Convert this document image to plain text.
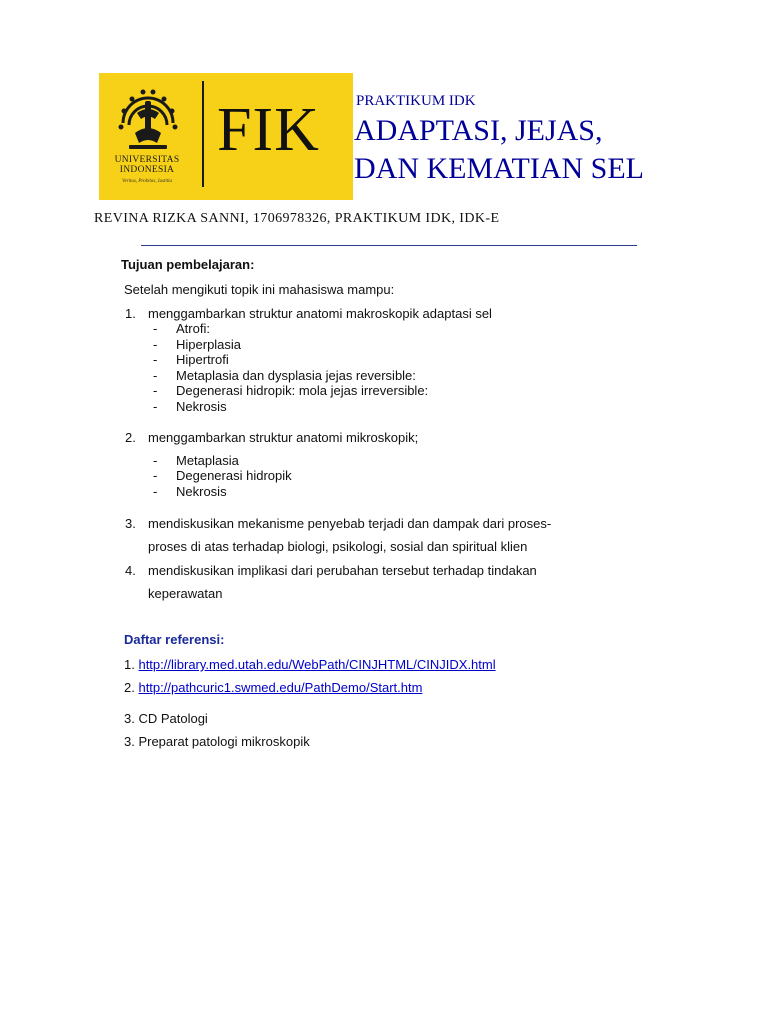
UNIVERSITAS
INDONESIA
Veritas, Probitas, Iustitia
FIK PRAKTIKUM IDK
ADAPTASI, JEJAS,
DAN KEMATIAN SEL
REVINA RIZKA SANNI, 1706978326, PRAKTIKUM IDK, IDK-E
Tujuan pembelajaran:
Setelah mengikuti topik ini mahasiswa mampu:
1. menggambarkan struktur anatomi makroskopik adaptasi sel
- Atrofi:
- Hiperplasia
- Hipertrofi
- Metaplasia dan dysplasia jejas reversible:
- Degenerasi hidropik: mola jejas irreversible:
- Nekrosis
2. menggambarkan struktur anatomi mikroskopik;
- Metaplasia
- Degenerasi hidropik
- Nekrosis
3. mendiskusikan mekanisme penyebab terjadi dan dampak dari proses-
proses di atas terhadap biologi, psikologi, sosial dan spiritual klien
4. mendiskusikan implikasi dari perubahan tersebut terhadap tindakan
keperawatan
Daftar referensi:
1. http://library.med.utah.edu/WebPath/CINJHTML/CINJIDX.html
2. http://pathcuric1.swmed.edu/PathDemo/Start.htm
3. CD Patologi
3. Preparat patologi mikroskopik
